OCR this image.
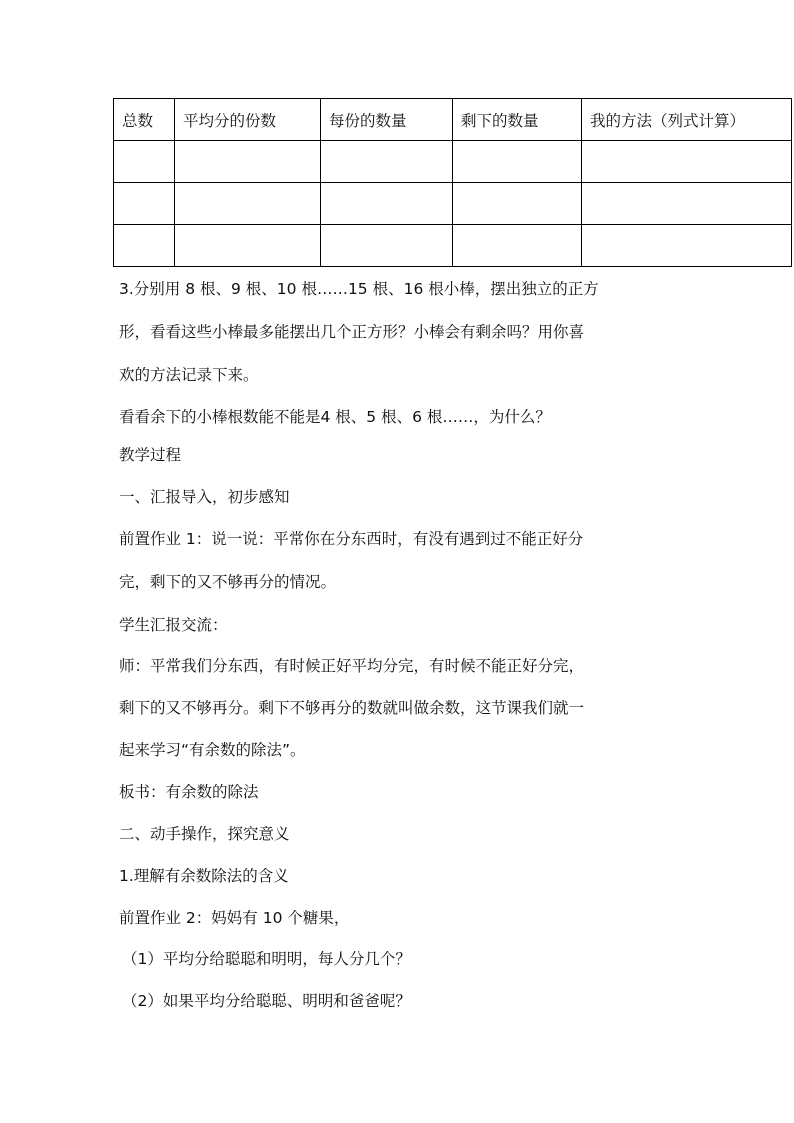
总数	平均分的份数	每份的数量	剩下的数量	我的方法（列式计算）

3.分别用 8 根、9 根、10 根……15 根、16 根小棒，摆出独立的正方

形，看看这些小棒最多能摆出几个正方形？小棒会有剩余吗？用你喜

欢的方法记录下来。

看看余下的小棒根数能不能是4 根、5 根、6 根……，为什么？

教学过程

一、汇报导入，初步感知

前置作业 1：说一说：平常你在分东西时，有没有遇到过不能正好分

完，剩下的又不够再分的情况。

学生汇报交流：

师：平常我们分东西，有时候正好平均分完，有时候不能正好分完，

剩下的又不够再分。剩下不够再分的数就叫做余数，这节课我们就一

起来学习“有余数的除法”。

板书：有余数的除法

二、动手操作，探究意义

1.理解有余数除法的含义

前置作业 2：妈妈有 10 个糖果，

（1）平均分给聪聪和明明，每人分几个？

（2）如果平均分给聪聪、明明和爸爸呢？
